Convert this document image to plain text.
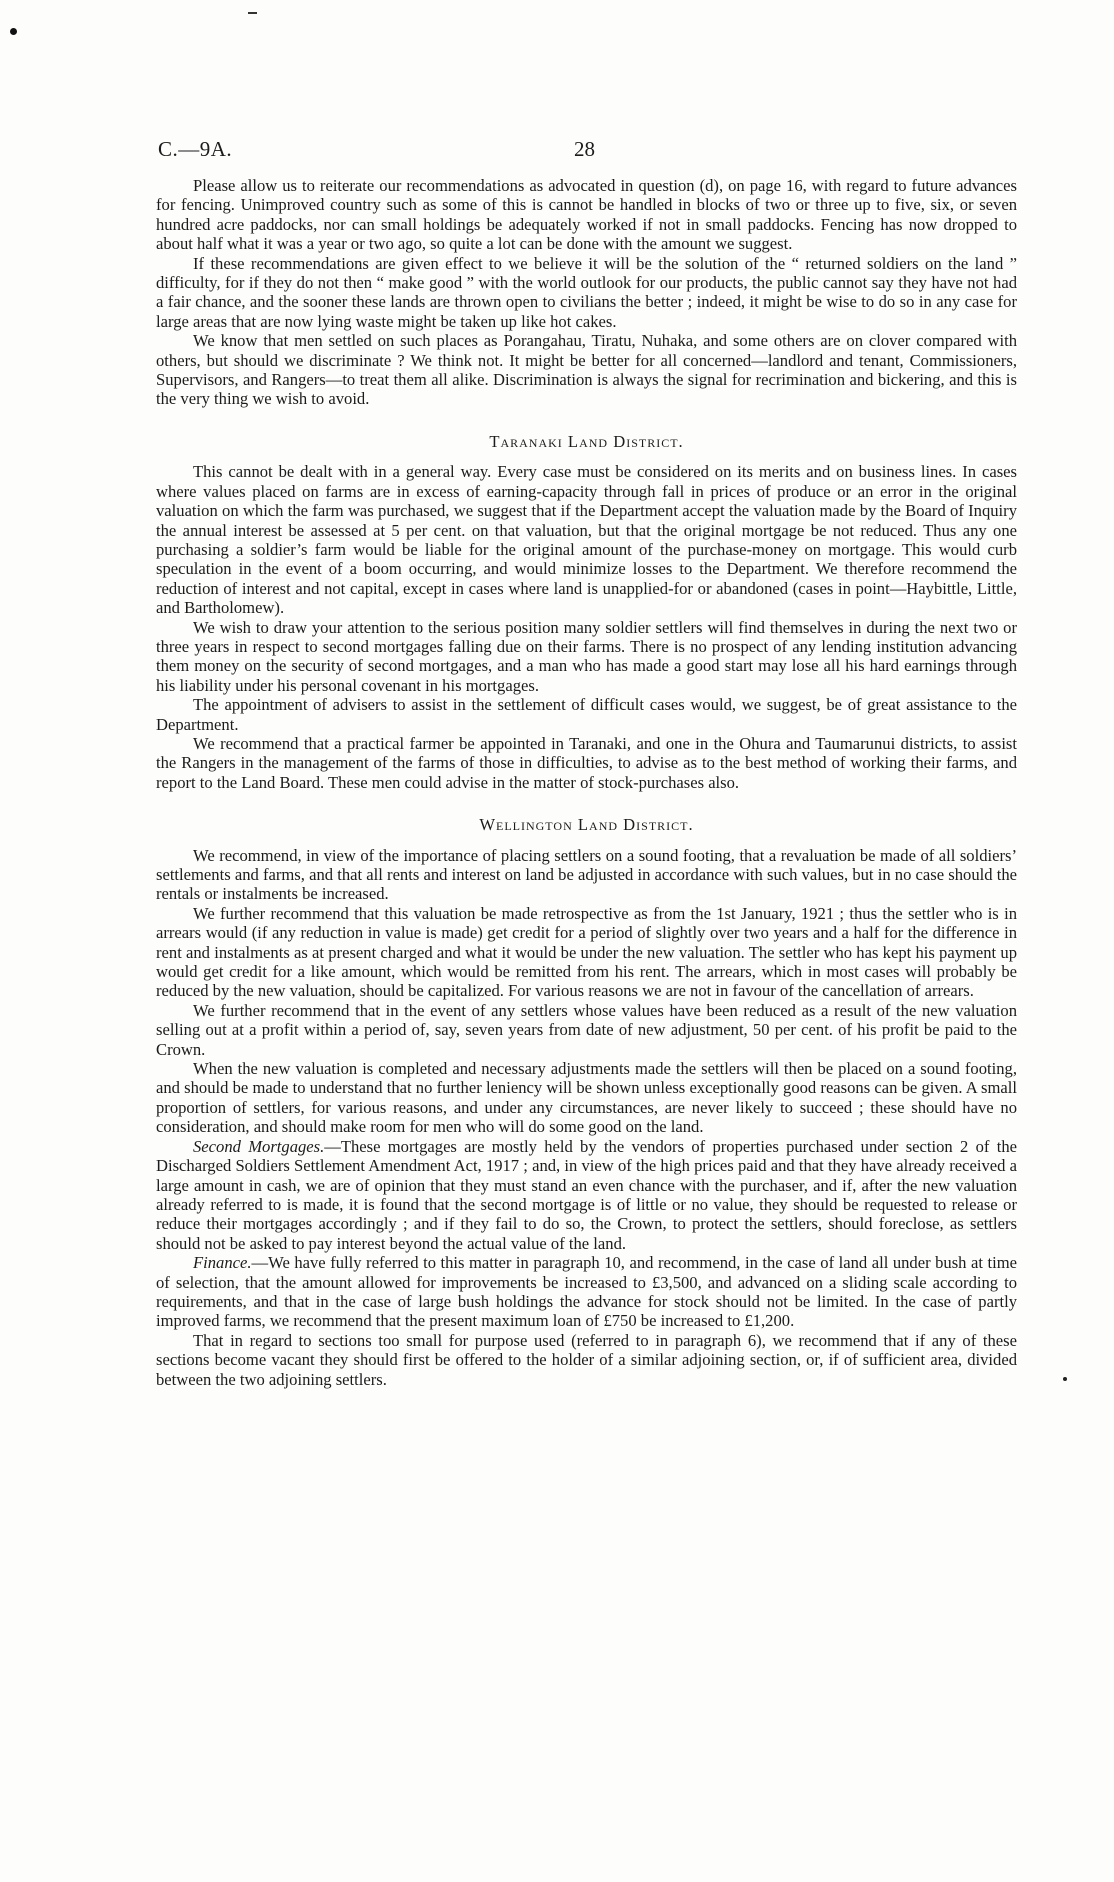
C.—9A.	28

Please allow us to reiterate our recommendations as advocated in question (d), on page 16, with regard to future advances for fencing. Unimproved country such as some of this is cannot be handled in blocks of two or three up to five, six, or seven hundred acre paddocks, nor can small holdings be adequately worked if not in small paddocks. Fencing has now dropped to about half what it was a year or two ago, so quite a lot can be done with the amount we suggest.

If these recommendations are given effect to we believe it will be the solution of the “ returned soldiers on the land ” difficulty, for if they do not then “ make good ” with the world outlook for our products, the public cannot say they have not had a fair chance, and the sooner these lands are thrown open to civilians the better ; indeed, it might be wise to do so in any case for large areas that are now lying waste might be taken up like hot cakes.

We know that men settled on such places as Porangahau, Tiratu, Nuhaka, and some others are on clover compared with others, but should we discriminate ? We think not. It might be better for all concerned—landlord and tenant, Commissioners, Supervisors, and Rangers—to treat them all alike. Discrimination is always the signal for recrimination and bickering, and this is the very thing we wish to avoid.

Taranaki Land District.

This cannot be dealt with in a general way. Every case must be considered on its merits and on business lines. In cases where values placed on farms are in excess of earning-capacity through fall in prices of produce or an error in the original valuation on which the farm was purchased, we suggest that if the Department accept the valuation made by the Board of Inquiry the annual interest be assessed at 5 per cent. on that valuation, but that the original mortgage be not reduced. Thus any one purchasing a soldier’s farm would be liable for the original amount of the purchase-money on mortgage. This would curb speculation in the event of a boom occurring, and would minimize losses to the Department. We therefore recommend the reduction of interest and not capital, except in cases where land is unapplied-for or abandoned (cases in point—Haybittle, Little, and Bartholomew).

We wish to draw your attention to the serious position many soldier settlers will find themselves in during the next two or three years in respect to second mortgages falling due on their farms. There is no prospect of any lending institution advancing them money on the security of second mortgages, and a man who has made a good start may lose all his hard earnings through his liability under his personal covenant in his mortgages.

The appointment of advisers to assist in the settlement of difficult cases would, we suggest, be of great assistance to the Department.

We recommend that a practical farmer be appointed in Taranaki, and one in the Ohura and Taumarunui districts, to assist the Rangers in the management of the farms of those in difficulties, to advise as to the best method of working their farms, and report to the Land Board. These men could advise in the matter of stock-purchases also.

Wellington Land District.

We recommend, in view of the importance of placing settlers on a sound footing, that a revaluation be made of all soldiers’ settlements and farms, and that all rents and interest on land be adjusted in accordance with such values, but in no case should the rentals or instalments be increased.

We further recommend that this valuation be made retrospective as from the 1st January, 1921 ; thus the settler who is in arrears would (if any reduction in value is made) get credit for a period of slightly over two years and a half for the difference in rent and instalments as at present charged and what it would be under the new valuation. The settler who has kept his payment up would get credit for a like amount, which would be remitted from his rent. The arrears, which in most cases will probably be reduced by the new valuation, should be capitalized. For various reasons we are not in favour of the cancellation of arrears.

We further recommend that in the event of any settlers whose values have been reduced as a result of the new valuation selling out at a profit within a period of, say, seven years from date of new adjustment, 50 per cent. of his profit be paid to the Crown.

When the new valuation is completed and necessary adjustments made the settlers will then be placed on a sound footing, and should be made to understand that no further leniency will be shown unless exceptionally good reasons can be given. A small proportion of settlers, for various reasons, and under any circumstances, are never likely to succeed ; these should have no consideration, and should make room for men who will do some good on the land.

Second Mortgages.—These mortgages are mostly held by the vendors of properties purchased under section 2 of the Discharged Soldiers Settlement Amendment Act, 1917 ; and, in view of the high prices paid and that they have already received a large amount in cash, we are of opinion that they must stand an even chance with the purchaser, and if, after the new valuation already referred to is made, it is found that the second mortgage is of little or no value, they should be requested to release or reduce their mortgages accordingly ; and if they fail to do so, the Crown, to protect the settlers, should foreclose, as settlers should not be asked to pay interest beyond the actual value of the land.

Finance.—We have fully referred to this matter in paragraph 10, and recommend, in the case of land all under bush at time of selection, that the amount allowed for improvements be increased to £3,500, and advanced on a sliding scale according to requirements, and that in the case of large bush holdings the advance for stock should not be limited. In the case of partly improved farms, we recommend that the present maximum loan of £750 be increased to £1,200.

That in regard to sections too small for purpose used (referred to in paragraph 6), we recommend that if any of these sections become vacant they should first be offered to the holder of a similar adjoining section, or, if of sufficient area, divided between the two adjoining settlers.
